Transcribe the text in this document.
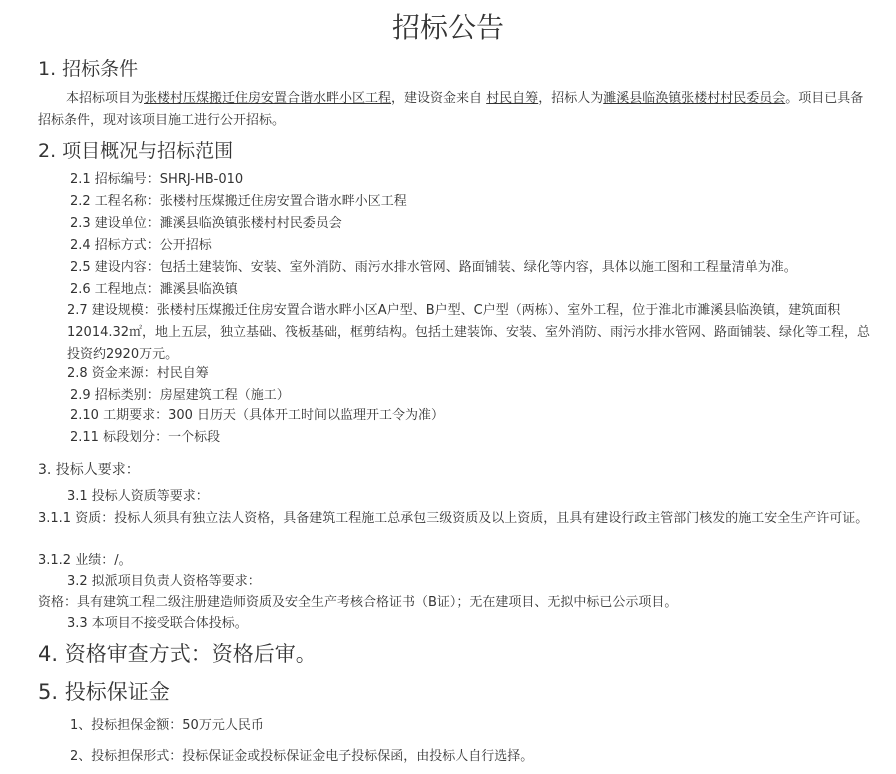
招标公告
1. 招标条件
本招标项目为张楼村压煤搬迁住房安置合谐水畔小区工程，建设资金来自 村民自筹，招标人为濉溪县临涣镇张楼村村民委员会。项目已具备招标条件，现对该项目施工进行公开招标。
2. 项目概况与招标范围
2.1 招标编号：SHRJ-HB-010
2.2 工程名称：张楼村压煤搬迁住房安置合谐水畔小区工程
2.3 建设单位：濉溪县临涣镇张楼村村民委员会
2.4 招标方式：公开招标
2.5 建设内容：包括土建装饰、安装、室外消防、雨污水排水管网、路面铺装、绿化等内容，具体以施工图和工程量清单为准。
2.6 工程地点：濉溪县临涣镇
2.7 建设规模：张楼村压煤搬迁住房安置合谐水畔小区A户型、B户型、C户型（两栋）、室外工程，位于淮北市濉溪县临涣镇，建筑面积12014.32㎡，地上五层，独立基础、筏板基础，框剪结构。包括土建装饰、安装、室外消防、雨污水排水管网、路面铺装、绿化等工程，总投资约2920万元。
2.8 资金来源：村民自筹
2.9 招标类别：房屋建筑工程（施工）
2.10 工期要求：300 日历天（具体开工时间以监理开工令为准）
2.11 标段划分：一个标段
3. 投标人要求：
3.1 投标人资质等要求：
3.1.1 资质：投标人须具有独立法人资格，具备建筑工程施工总承包三级资质及以上资质，且具有建设行政主管部门核发的施工安全生产许可证。
3.1.2 业绩：/。
3.2 拟派项目负责人资格等要求：
资格：具有建筑工程二级注册建造师资质及安全生产考核合格证书（B证）；无在建项目、无拟中标已公示项目。
3.3 本项目不接受联合体投标。
4. 资格审查方式：资格后审。
5. 投标保证金
1、投标担保金额：50万元人民币
2、投标担保形式：投标保证金或投标保证金电子投标保函，由投标人自行选择。
